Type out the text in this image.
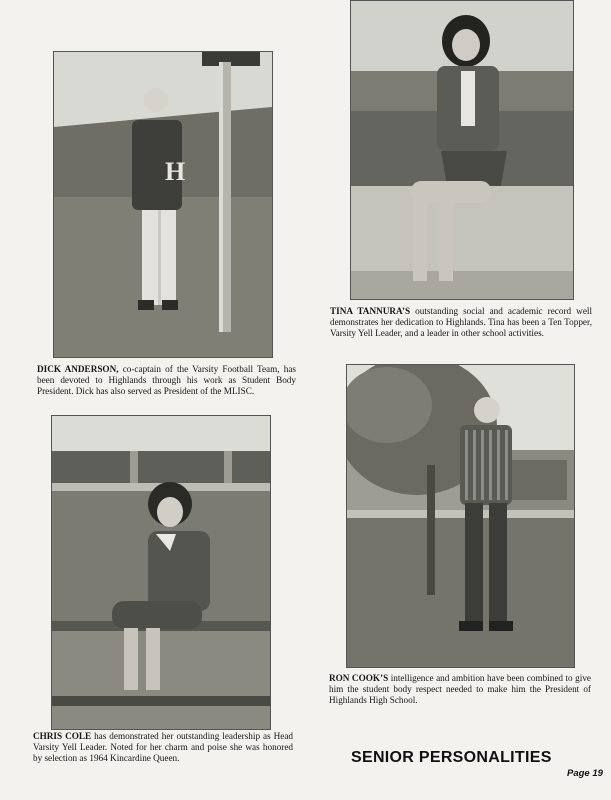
H
DICK ANDERSON, co-captain of the Varsity Football Team, has been devoted to Highlands through his work as Student Body President. Dick has also served as President of the MLISC.
TINA TANNURA’S outstanding social and academic record well demonstrates her dedication to Highlands. Tina has been a Ten Topper, Varsity Yell Leader, and a leader in other school activities.
CHRIS COLE has demonstrated her outstanding leadership as Head Varsity Yell Leader. Noted for her charm and poise she was honored by selection as 1964 Kincardine Queen.
RON COOK’S intelligence and ambition have been combined to give him the student body respect needed to make him the President of Highlands High School.
SENIOR PERSONALITIES
Page 19
